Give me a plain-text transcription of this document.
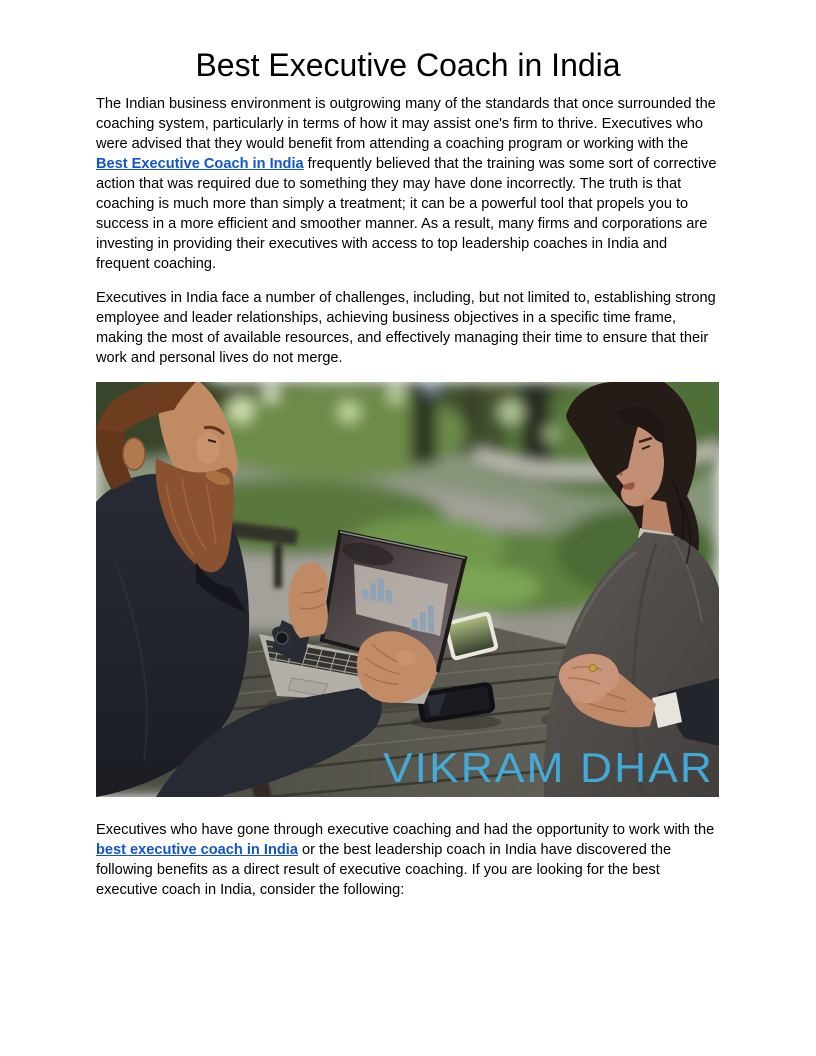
Best Executive Coach in India

The Indian business environment is outgrowing many of the standards that once surrounded the coaching system, particularly in terms of how it may assist one's firm to thrive. Executives who were advised that they would benefit from attending a coaching program or working with the Best Executive Coach in India frequently believed that the training was some sort of corrective action that was required due to something they may have done incorrectly. The truth is that coaching is much more than simply a treatment; it can be a powerful tool that propels you to success in a more efficient and smoother manner. As a result, many firms and corporations are investing in providing their executives with access to top leadership coaches in India and frequent coaching.

Executives in India face a number of challenges, including, but not limited to, establishing strong employee and leader relationships, achieving business objectives in a specific time frame, making the most of available resources, and effectively managing their time to ensure that their work and personal lives do not merge.

VIKRAM DHAR

Executives who have gone through executive coaching and had the opportunity to work with the best executive coach in India or the best leadership coach in India have discovered the following benefits as a direct result of executive coaching. If you are looking for the best executive coach in India, consider the following:
